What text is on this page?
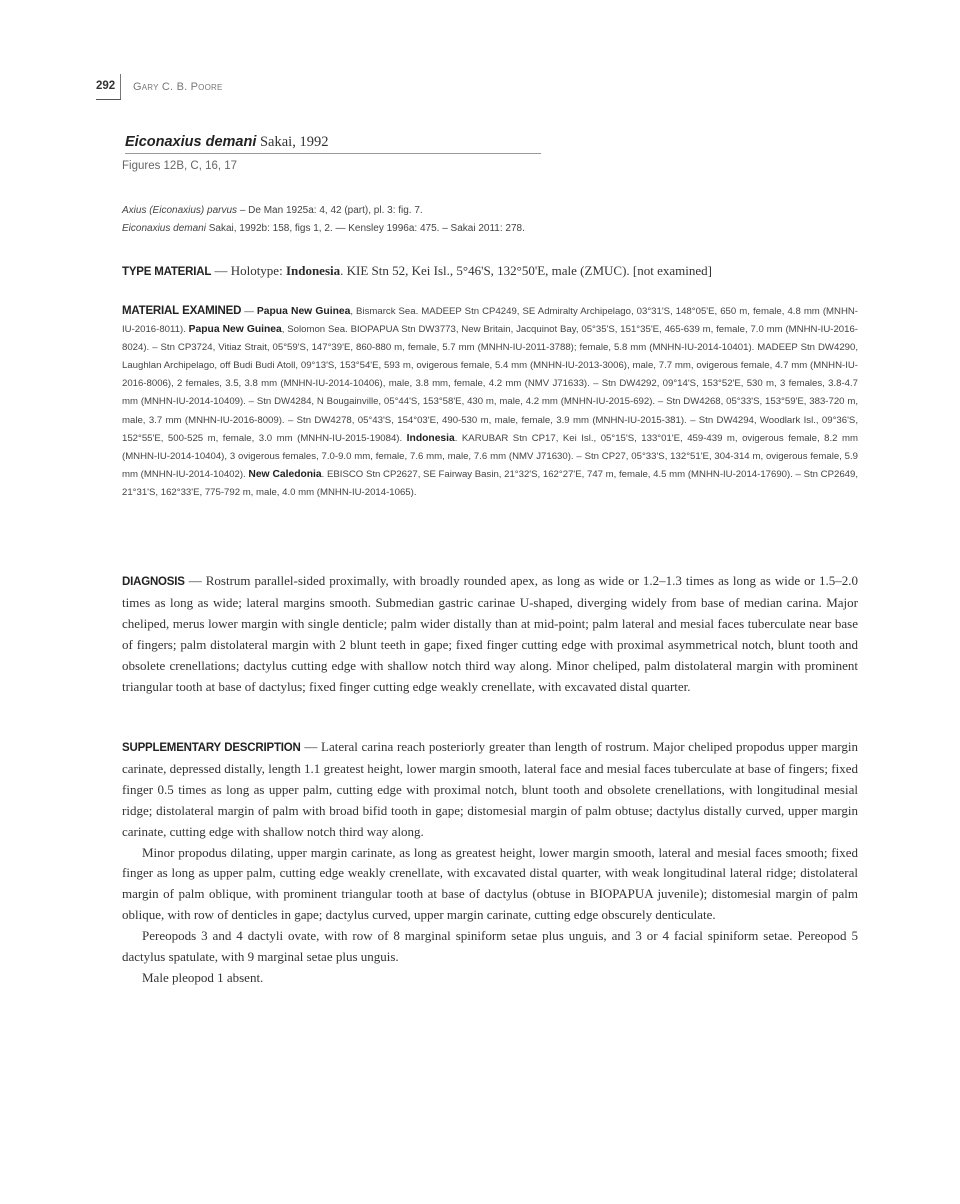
292 Gary C. B. Poore
Eiconaxius demani Sakai, 1992
Figures 12B, C, 16, 17
Axius (Eiconaxius) parvus – De Man 1925a: 4, 42 (part), pl. 3: fig. 7.
Eiconaxius demani Sakai, 1992b: 158, figs 1, 2. — Kensley 1996a: 475. – Sakai 2011: 278.
TYPE MATERIAL — Holotype: Indonesia. KIE Stn 52, Kei Isl., 5°46'S, 132°50'E, male (ZMUC). [not examined]
MATERIAL EXAMINED — Papua New Guinea, Bismarck Sea. MADEEP Stn CP4249, SE Admiralty Archipelago, 03°31'S, 148°05'E, 650 m, female, 4.8 mm (MNHN-IU-2016-8011). Papua New Guinea, Solomon Sea. BIOPAPUA Stn DW3773, New Britain, Jacquinot Bay, 05°35'S, 151°35'E, 465-639 m, female, 7.0 mm (MNHN-IU-2016-8024). – Stn CP3724, Vitiaz Strait, 05°59'S, 147°39'E, 860-880 m, female, 5.7 mm (MNHN-IU-2011-3788); female, 5.8 mm (MNHN-IU-2014-10401). MADEEP Stn DW4290, Laughlan Archipelago, off Budi Budi Atoll, 09°13'S, 153°54'E, 593 m, ovigerous female, 5.4 mm (MNHN-IU-2013-3006), male, 7.7 mm, ovigerous female, 4.7 mm (MNHN-IU-2016-8006), 2 females, 3.5, 3.8 mm (MNHN-IU-2014-10406), male, 3.8 mm, female, 4.2 mm (NMV J71633). – Stn DW4292, 09°14'S, 153°52'E, 530 m, 3 females, 3.8-4.7 mm (MNHN-IU-2014-10409). – Stn DW4284, N Bougainville, 05°44'S, 153°58'E, 430 m, male, 4.2 mm (MNHN-IU-2015-692). – Stn DW4268, 05°33'S, 153°59'E, 383-720 m, male, 3.7 mm (MNHN-IU-2016-8009). – Stn DW4278, 05°43'S, 154°03'E, 490-530 m, male, female, 3.9 mm (MNHN-IU-2015-381). – Stn DW4294, Woodlark Isl., 09°36'S, 152°55'E, 500-525 m, female, 3.0 mm (MNHN-IU-2015-19084). Indonesia. KARUBAR Stn CP17, Kei Isl., 05°15'S, 133°01'E, 459-439 m, ovigerous female, 8.2 mm (MNHN-IU-2014-10404), 3 ovigerous females, 7.0-9.0 mm, female, 7.6 mm, male, 7.6 mm (NMV J71630). – Stn CP27, 05°33'S, 132°51'E, 304-314 m, ovigerous female, 5.9 mm (MNHN-IU-2014-10402). New Caledonia. EBISCO Stn CP2627, SE Fairway Basin, 21°32'S, 162°27'E, 747 m, female, 4.5 mm (MNHN-IU-2014-17690). – Stn CP2649, 21°31'S, 162°33'E, 775-792 m, male, 4.0 mm (MNHN-IU-2014-1065).

DIAGNOSIS — Rostrum parallel-sided proximally, with broadly rounded apex, as long as wide or 1.2–1.3 times as long as wide or 1.5–2.0 times as long as wide; lateral margins smooth. Submedian gastric carinae U-shaped, diverging widely from base of median carina. Major cheliped, merus lower margin with single denticle; palm wider distally than at mid-point; palm lateral and mesial faces tuberculate near base of fingers; palm distolateral margin with 2 blunt teeth in gape; fixed finger cutting edge with proximal asymmetrical notch, blunt tooth and obsolete crenellations; dactylus cutting edge with shallow notch third way along. Minor cheliped, palm distolateral margin with prominent triangular tooth at base of dactylus; fixed finger cutting edge weakly crenellate, with excavated distal quarter.

SUPPLEMENTARY DESCRIPTION — Lateral carina reach posteriorly greater than length of rostrum. Major cheliped propodus upper margin carinate, depressed distally, length 1.1 greatest height, lower margin smooth, lateral face and mesial faces tuberculate at base of fingers; fixed finger 0.5 times as long as upper palm, cutting edge with proximal notch, blunt tooth and obsolete crenellations, with longitudinal mesial ridge; distolateral margin of palm with broad bifid tooth in gape; distomesial margin of palm obtuse; dactylus distally curved, upper margin carinate, cutting edge with shallow notch third way along.

Minor propodus dilating, upper margin carinate, as long as greatest height, lower margin smooth, lateral and mesial faces smooth; fixed finger as long as upper palm, cutting edge weakly crenellate, with excavated distal quarter, with weak longitudinal lateral ridge; distolateral margin of palm oblique, with prominent triangular tooth at base of dactylus (obtuse in BIOPAPUA juvenile); distomesial margin of palm oblique, with row of denticles in gape; dactylus curved, upper margin carinate, cutting edge obscurely denticulate.

Pereopods 3 and 4 dactyli ovate, with row of 8 marginal spiniform setae plus unguis, and 3 or 4 facial spiniform setae. Pereopod 5 dactylus spatulate, with 9 marginal setae plus unguis.

Male pleopod 1 absent.
